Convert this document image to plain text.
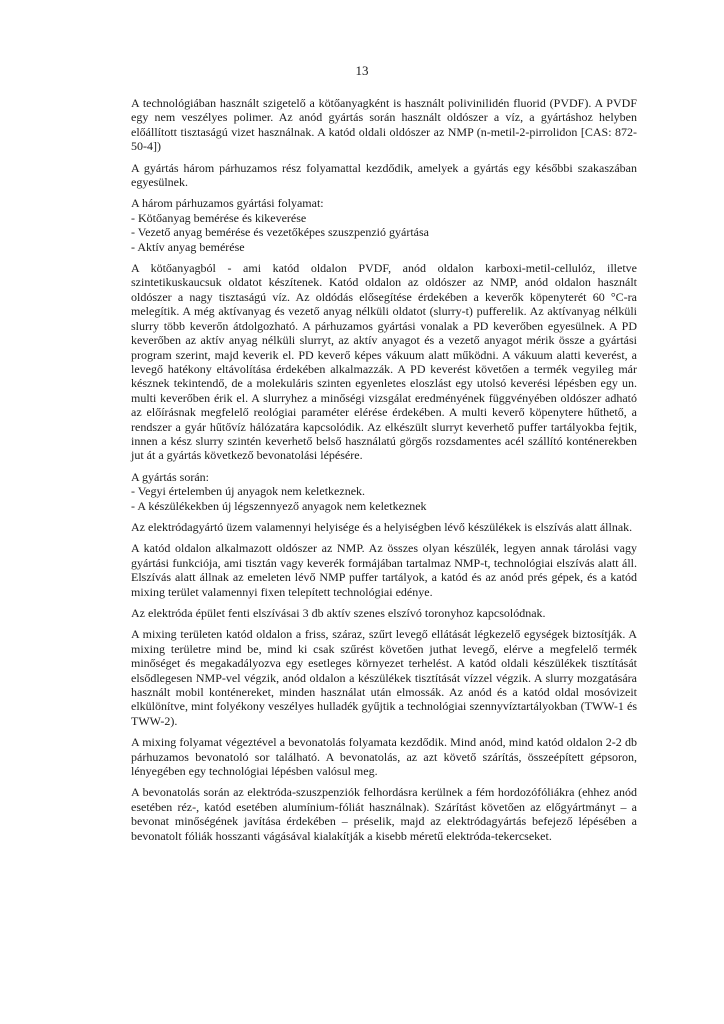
13

A technológiában használt szigetelő a kötőanyagként is használt polivinilidén fluorid (PVDF). A PVDF egy nem veszélyes polimer. Az anód gyártás során használt oldószer a víz, a gyártáshoz helyben előállított tisztaságú vizet használnak. A katód oldali oldószer az NMP (n-metil-2-pirrolidon [CAS: 872-50-4])

A gyártás három párhuzamos rész folyamattal kezdődik, amelyek a gyártás egy későbbi szakaszában egyesülnek.

A három párhuzamos gyártási folyamat:

- Kötőanyag bemérése és kikeverése
- Vezető anyag bemérése és vezetőképes szuszpenzió gyártása
- Aktív anyag bemérése

A kötőanyagból - ami katód oldalon PVDF, anód oldalon karboxi-metil-cellulóz, illetve szintetikuskaucsuk oldatot készítenek. Katód oldalon az oldószer az NMP, anód oldalon használt oldószer a nagy tisztaságú víz. Az oldódás elősegítése érdekében a keverők köpenyterét 60 °C-ra melegítik. A még aktívanyag és vezető anyag nélküli oldatot (slurry-t) pufferelik. Az aktívanyag nélküli slurry több keverőn átdolgozható. A párhuzamos gyártási vonalak a PD keverőben egyesülnek. A PD keverőben az aktív anyag nélküli slurryt, az aktív anyagot és a vezető anyagot mérik össze a gyártási program szerint, majd keverik el. PD keverő képes vákuum alatt működni. A vákuum alatti keverést, a levegő hatékony eltávolítása érdekében alkalmazzák. A PD keverést követően a termék vegyileg már késznek tekintendő, de a molekuláris szinten egyenletes eloszlást egy utolsó keverési lépésben egy un. multi keverőben érik el. A slurryhez a minőségi vizsgálat eredményének függvényében oldószer adható az előírásnak megfelelő reológiai paraméter elérése érdekében. A multi keverő köpenytere hűthető, a rendszer a gyár hűtővíz hálózatára kapcsolódik. Az elkészült slurryt keverhető puffer tartályokba fejtik, innen a kész slurry szintén keverhető belső használatú görgős rozsdamentes acél szállító konténerekben jut át a gyártás következő bevonatolási lépésére.

A gyártás során:

- Vegyi értelemben új anyagok nem keletkeznek.
- A készülékekben új légszennyező anyagok nem keletkeznek

Az elektródagyártó üzem valamennyi helyisége és a helyiségben lévő készülékek is elszívás alatt állnak.

A katód oldalon alkalmazott oldószer az NMP. Az összes olyan készülék, legyen annak tárolási vagy gyártási funkciója, ami tisztán vagy keverék formájában tartalmaz NMP-t, technológiai elszívás alatt áll. Elszívás alatt állnak az emeleten lévő NMP puffer tartályok, a katód és az anód prés gépek, és a katód mixing terület valamennyi fixen telepített technológiai edénye.

Az elektróda épület fenti elszívásai 3 db aktív szenes elszívó toronyhoz kapcsolódnak.

A mixing területen katód oldalon a friss, száraz, szűrt levegő ellátását légkezelő egységek biztosítják. A mixing területre mind be, mind ki csak szűrést követően juthat levegő, elérve a megfelelő termék minőséget és megakadályozva egy esetleges környezet terhelést. A katód oldali készülékek tisztítását elsődlegesen NMP-vel végzik, anód oldalon a készülékek tisztítását vízzel végzik. A slurry mozgatására használt mobil konténereket, minden használat után elmossák. Az anód és a katód oldal mosóvizeit elkülönítve, mint folyékony veszélyes hulladék gyűjtik a technológiai szennyvíztartályokban (TWW-1 és TWW-2).

A mixing folyamat végeztével a bevonatolás folyamata kezdődik. Mind anód, mind katód oldalon 2-2 db párhuzamos bevonatoló sor található. A bevonatolás, az azt követő szárítás, összeépített gépsoron, lényegében egy technológiai lépésben valósul meg.

A bevonatolás során az elektróda-szuszpenziók felhordásra kerülnek a fém hordozófóliákra (ehhez anód esetében réz-, katód esetében alumínium-fóliát használnak). Szárítást követően az előgyártmányt – a bevonat minőségének javítása érdekében – préselik, majd az elektródagyártás befejező lépésében a bevonatolt fóliák hosszanti vágásával kialakítják a kisebb méretű elektróda-tekercseket.
